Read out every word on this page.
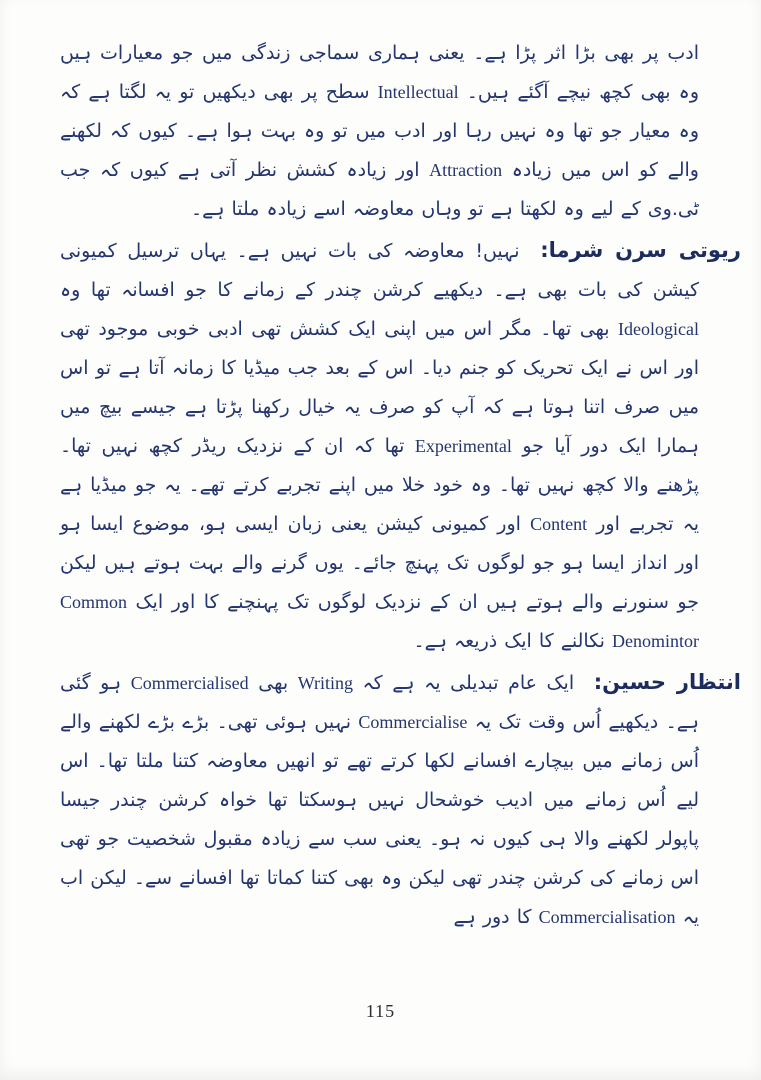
ادب پر بھی بڑا اثر پڑا ہے۔ یعنی ہماری سماجی زندگی میں جو معیارات ہیں وہ بھی کچھ نیچے آگئے ہیں۔ Intellectual سطح پر بھی دیکھیں تو یہ لگتا ہے کہ وہ معیار جو تھا وہ نہیں رہا اور ادب میں تو وہ بہت ہوا ہے۔ کیوں کہ لکھنے والے کو اس میں زیادہ Attraction اور زیادہ کشش نظر آتی ہے کیوں کہ جب ٹی.وی کے لیے وہ لکھتا ہے تو وہاں معاوضہ اسے زیادہ ملتا ہے۔

ریوتی سرن شرما: نہیں! معاوضہ کی بات نہیں ہے۔ یہاں ترسیل کمیونی کیشن کی بات بھی ہے۔ دیکھیے کرشن چندر کے زمانے کا جو افسانہ تھا وہ Ideological بھی تھا۔ مگر اس میں اپنی ایک کشش تھی ادبی خوبی موجود تھی اور اس نے ایک تحریک کو جنم دیا۔ اس کے بعد جب میڈیا کا زمانہ آتا ہے تو اس میں صرف اتنا ہوتا ہے کہ آپ کو صرف یہ خیال رکھنا پڑتا ہے جیسے بیچ میں ہمارا ایک دور آیا جو Experimental تھا کہ ان کے نزدیک ریڈر کچھ نہیں تھا۔ پڑھنے والا کچھ نہیں تھا۔ وہ خود خلا میں اپنے تجربے کرتے تھے۔ یہ جو میڈیا ہے یہ تجربے اور Content اور کمیونی کیشن یعنی زبان ایسی ہو، موضوع ایسا ہو اور انداز ایسا ہو جو لوگوں تک پہنچ جائے۔ یوں گرنے والے بہت ہوتے ہیں لیکن جو سنورنے والے ہوتے ہیں ان کے نزدیک لوگوں تک پہنچنے کا اور ایک Common Denomintor نکالنے کا ایک ذریعہ ہے۔

انتظار حسین: ایک عام تبدیلی یہ ہے کہ Writing بھی Commercialised ہو گئی ہے۔ دیکھیے اُس وقت تک یہ Commercialise نہیں ہوئی تھی۔ بڑے بڑے لکھنے والے اُس زمانے میں بیچارے افسانے لکھا کرتے تھے تو انھیں معاوضہ کتنا ملتا تھا۔ اس لیے اُس زمانے میں ادیب خوشحال نہیں ہوسکتا تھا خواہ کرشن چندر جیسا پاپولر لکھنے والا ہی کیوں نہ ہو۔ یعنی سب سے زیادہ مقبول شخصیت جو تھی اس زمانے کی کرشن چندر تھی لیکن وہ بھی کتنا کماتا تھا افسانے سے۔ لیکن اب یہ Commercialisation کا دور ہے

115
